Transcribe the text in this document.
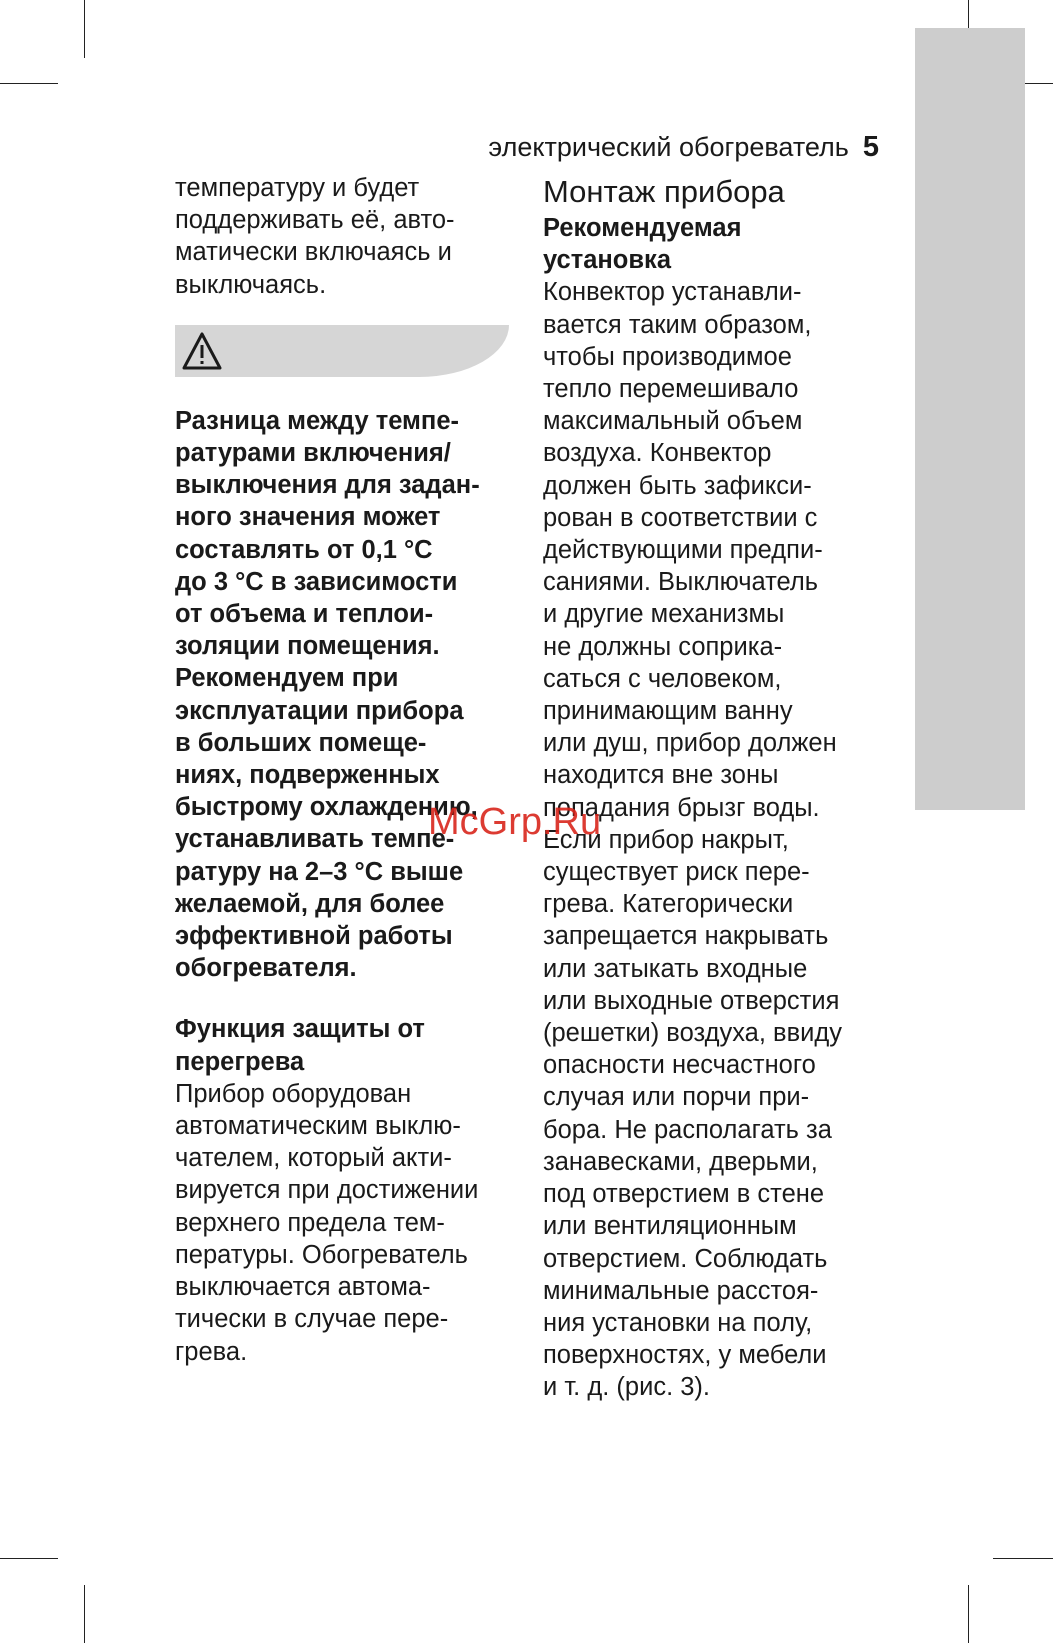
электрический обогреватель 5

температуру и будет
поддерживать её, авто-
матически включаясь и
выключаясь.

Разница между темпе-
ратурами включения/
выключения для задан-
ного значения может
составлять от 0,1 °C
до 3 °C в зависимости
от объема и теплои-
золяции помещения.
Рекомендуем при
эксплуатации прибора
в больших помеще-
ниях, подверженных
быстрому охлаждению,
устанавливать темпе-
ратуру на 2–3 °C выше
желаемой, для более
эффективной работы
обогревателя.

Функция защиты от
перегрева

Прибор оборудован
автоматическим выклю-
чателем, который акти-
вируется при достижении
верхнего предела тем-
пературы. Обогреватель
выключается автома-
тически в случае пере-
грева.

Монтаж прибора

Рекомендуемая
установка

Конвектор устанавли-
вается таким образом,
чтобы производимое
тепло перемешивало
максимальный объем
воздуха. Конвектор
должен быть зафикси-
рован в соответствии с
действующими предпи-
саниями. Выключатель
и другие механизмы
не должны соприка-
саться с человеком,
принимающим ванну
или душ, прибор должен
находится вне зоны
попадания брызг воды.
Если прибор накрыт,
существует риск пере-
грева. Категорически
запрещается накрывать
или затыкать входные
или выходные отверстия
(решетки) воздуха, ввиду
опасности несчастного
случая или порчи при-
бора. Не располагать за
занавесками, дверьми,
под отверстием в стене
или вентиляционным
отверстием. Соблюдать
минимальные расстоя-
ния установки на полу,
поверхностях, у мебели
и т. д. (рис. 3).

McGrp.Ru
